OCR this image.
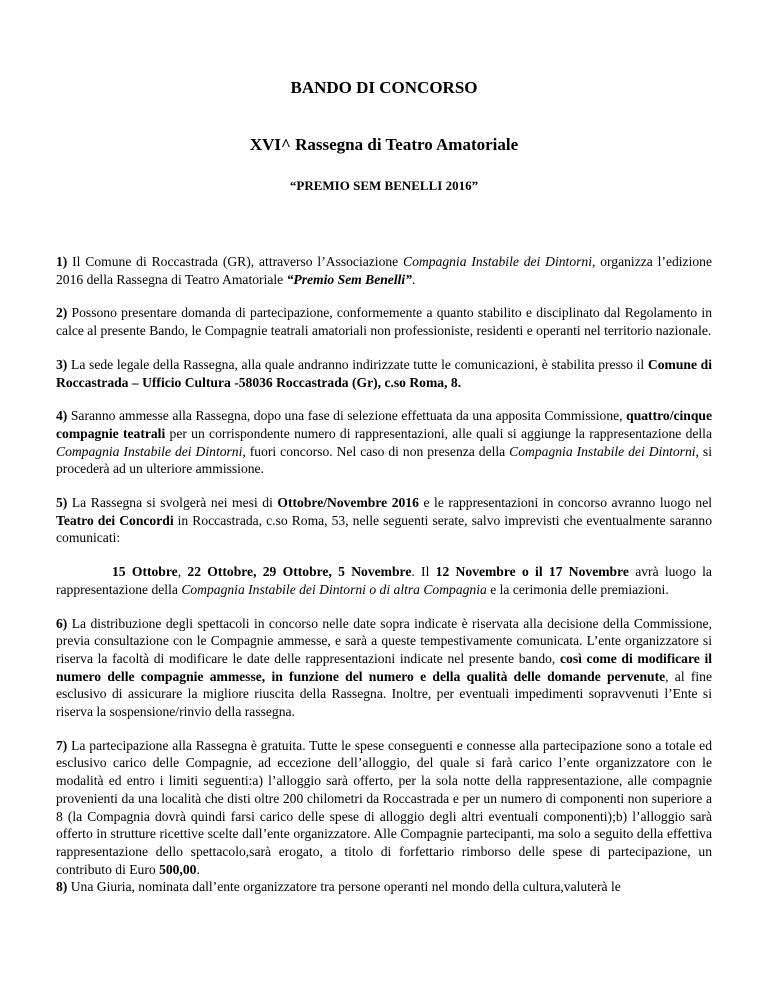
BANDO DI CONCORSO
XVI^ Rassegna di Teatro Amatoriale
“PREMIO SEM BENELLI 2016”

1) Il Comune di Roccastrada (GR), attraverso l’Associazione Compagnia Instabile dei Dintorni, organizza l’edizione 2016 della Rassegna di Teatro Amatoriale “Premio Sem Benelli”.

2) Possono presentare domanda di partecipazione, conformemente a quanto stabilito e disciplinato dal Regolamento in calce al presente Bando, le Compagnie teatrali amatoriali non professioniste, residenti e operanti nel territorio nazionale.

3) La sede legale della Rassegna, alla quale andranno indirizzate tutte le comunicazioni, è stabilita presso il Comune di Roccastrada – Ufficio Cultura -58036 Roccastrada (Gr), c.so Roma, 8.

4) Saranno ammesse alla Rassegna, dopo una fase di selezione effettuata da una apposita Commissione, quattro/cinque compagnie teatrali per un corrispondente numero di rappresentazioni, alle quali si aggiunge la rappresentazione della Compagnia Instabile dei Dintorni, fuori concorso. Nel caso di non presenza della Compagnia Instabile dei Dintorni, si procederà ad un ulteriore ammissione.

5) La Rassegna si svolgerà nei mesi di Ottobre/Novembre 2016 e le rappresentazioni in concorso avranno luogo nel Teatro dei Concordi in Roccastrada, c.so Roma, 53, nelle seguenti serate, salvo imprevisti che eventualmente saranno comunicati:

15 Ottobre, 22 Ottobre, 29 Ottobre, 5 Novembre. Il 12 Novembre o il 17 Novembre avrà luogo la rappresentazione della Compagnia Instabile dei Dintorni o di altra Compagnia e la cerimonia delle premiazioni.

6) La distribuzione degli spettacoli in concorso nelle date sopra indicate è riservata alla decisione della Commissione, previa consultazione con le Compagnie ammesse, e sarà a queste tempestivamente comunicata. L’ente organizzatore si riserva la facoltà di modificare le date delle rappresentazioni indicate nel presente bando, così come di modificare il numero delle compagnie ammesse, in funzione del numero e della qualità delle domande pervenute, al fine esclusivo di assicurare la migliore riuscita della Rassegna. Inoltre, per eventuali impedimenti sopravvenuti l’Ente si riserva la sospensione/rinvio della rassegna.

7) La partecipazione alla Rassegna è gratuita. Tutte le spese conseguenti e connesse alla partecipazione sono a totale ed esclusivo carico delle Compagnie, ad eccezione dell’alloggio, del quale si farà carico l’ente organizzatore con le modalità ed entro i limiti seguenti:a) l’alloggio sarà offerto, per la sola notte della rappresentazione, alle compagnie provenienti da una località che disti oltre 200 chilometri da Roccastrada e per un numero di componenti non superiore a 8 (la Compagnia dovrà quindi farsi carico delle spese di alloggio degli altri eventuali componenti);b) l’alloggio sarà offerto in strutture ricettive scelte dall’ente organizzatore. Alle Compagnie partecipanti, ma solo a seguito della effettiva rappresentazione dello spettacolo,sarà erogato, a titolo di forfettario rimborso delle spese di partecipazione, un contributo di Euro 500,00.

8) Una Giuria, nominata dall’ente organizzatore tra persone operanti nel mondo della cultura,valuterà le
